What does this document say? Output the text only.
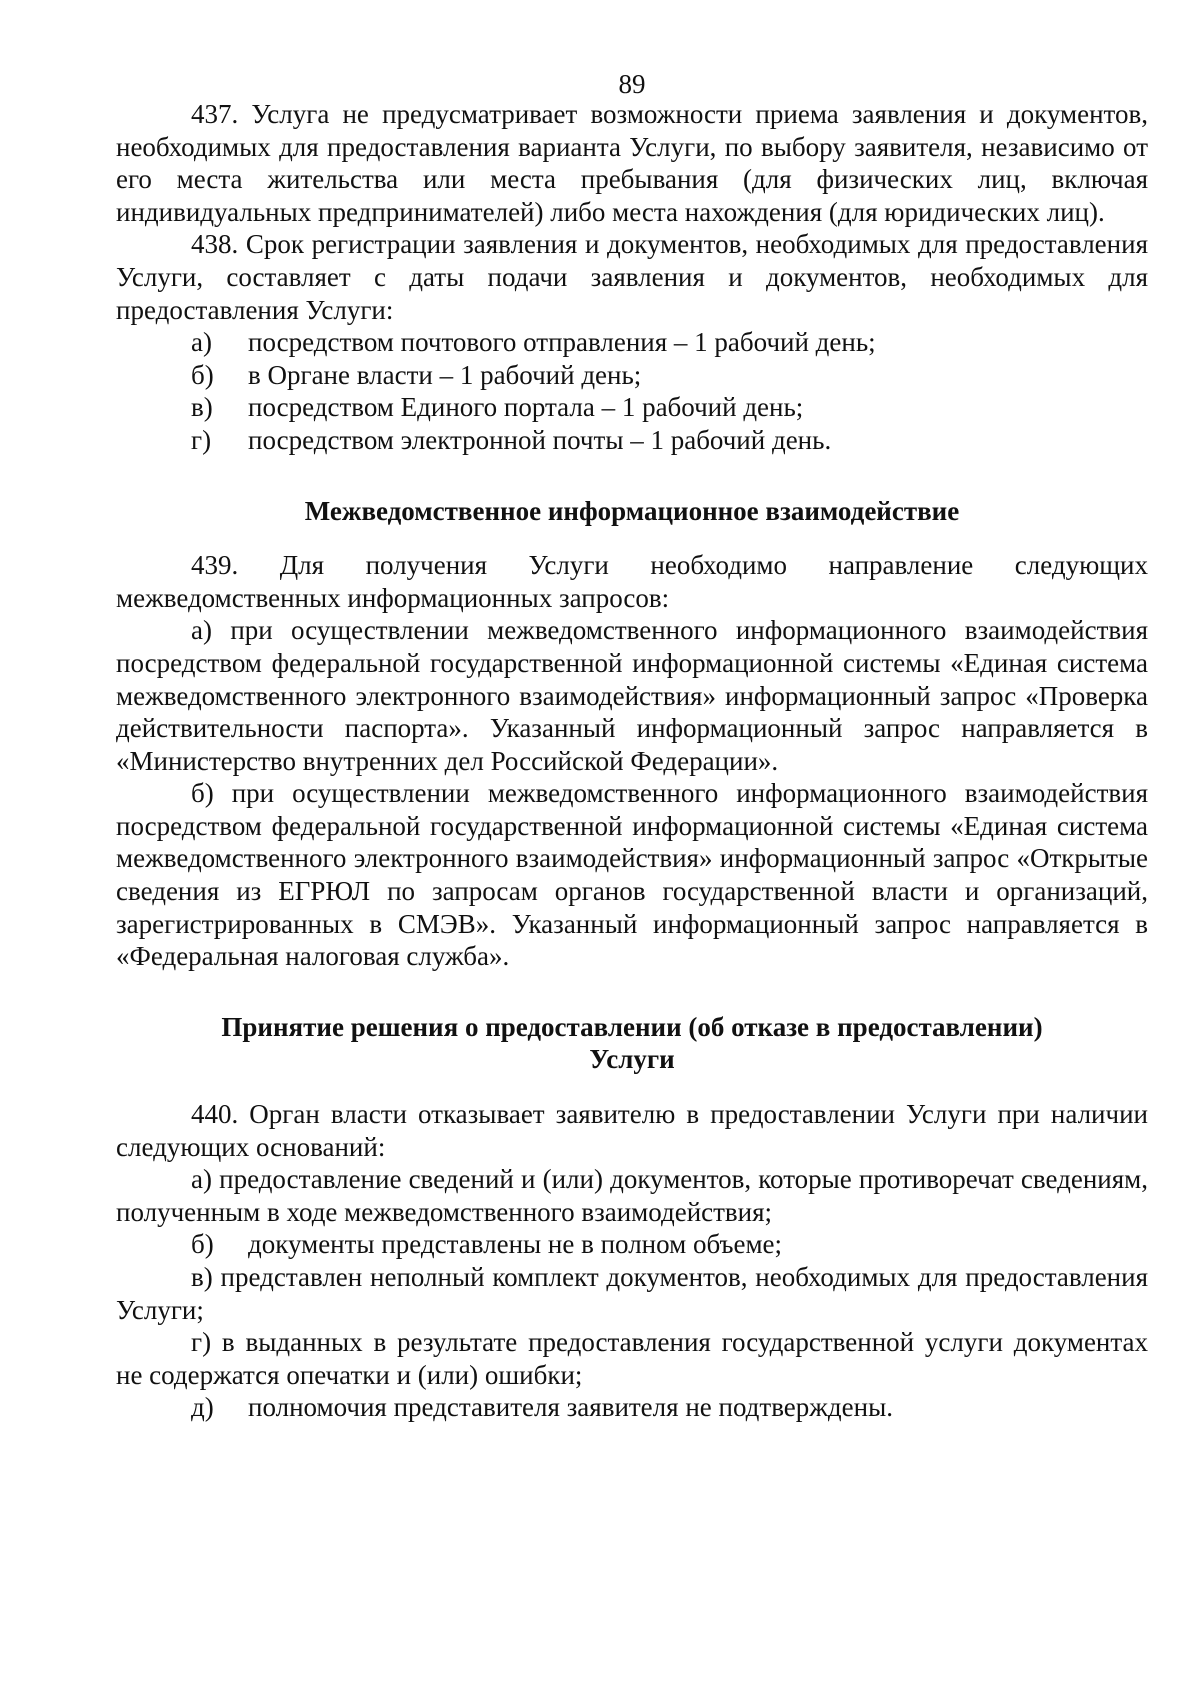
89

437. Услуга не предусматривает возможности приема заявления и документов, необходимых для предоставления варианта Услуги, по выбору заявителя, независимо от его места жительства или места пребывания (для физических лиц, включая индивидуальных предпринимателей) либо места нахождения (для юридических лиц).

438. Срок регистрации заявления и документов, необходимых для предоставления Услуги, составляет с даты подачи заявления и документов, необходимых для предоставления Услуги:

а)	посредством почтового отправления – 1 рабочий день;
б)	в Органе власти – 1 рабочий день;
в)	посредством Единого портала – 1 рабочий день;
г)	посредством электронной почты – 1 рабочий день.
Межведомственное информационное взаимодействие

439. Для получения Услуги необходимо направление следующих межведомственных информационных запросов:

а) при осуществлении межведомственного информационного взаимодействия посредством федеральной государственной информационной системы «Единая система межведомственного электронного взаимодействия» информационный запрос «Проверка действительности паспорта». Указанный информационный запрос направляется в «Министерство внутренних дел Российской Федерации».

б) при осуществлении межведомственного информационного взаимодействия посредством федеральной государственной информационной системы «Единая система межведомственного электронного взаимодействия» информационный запрос «Открытые сведения из ЕГРЮЛ по запросам органов государственной власти и организаций, зарегистрированных в СМЭВ». Указанный информационный запрос направляется в «Федеральная налоговая служба».

Принятие решения о предоставлении (об отказе в предоставлении)
Услуги

440. Орган власти отказывает заявителю в предоставлении Услуги при наличии следующих оснований:

а) предоставление сведений и (или) документов, которые противоречат сведениям, полученным в ходе межведомственного взаимодействия;

б)	документы представлены не в полном объеме;

в) представлен неполный комплект документов, необходимых для предоставления Услуги;

г) в выданных в результате предоставления государственной услуги документах не содержатся опечатки и (или) ошибки;

д)	полномочия представителя заявителя не подтверждены.
